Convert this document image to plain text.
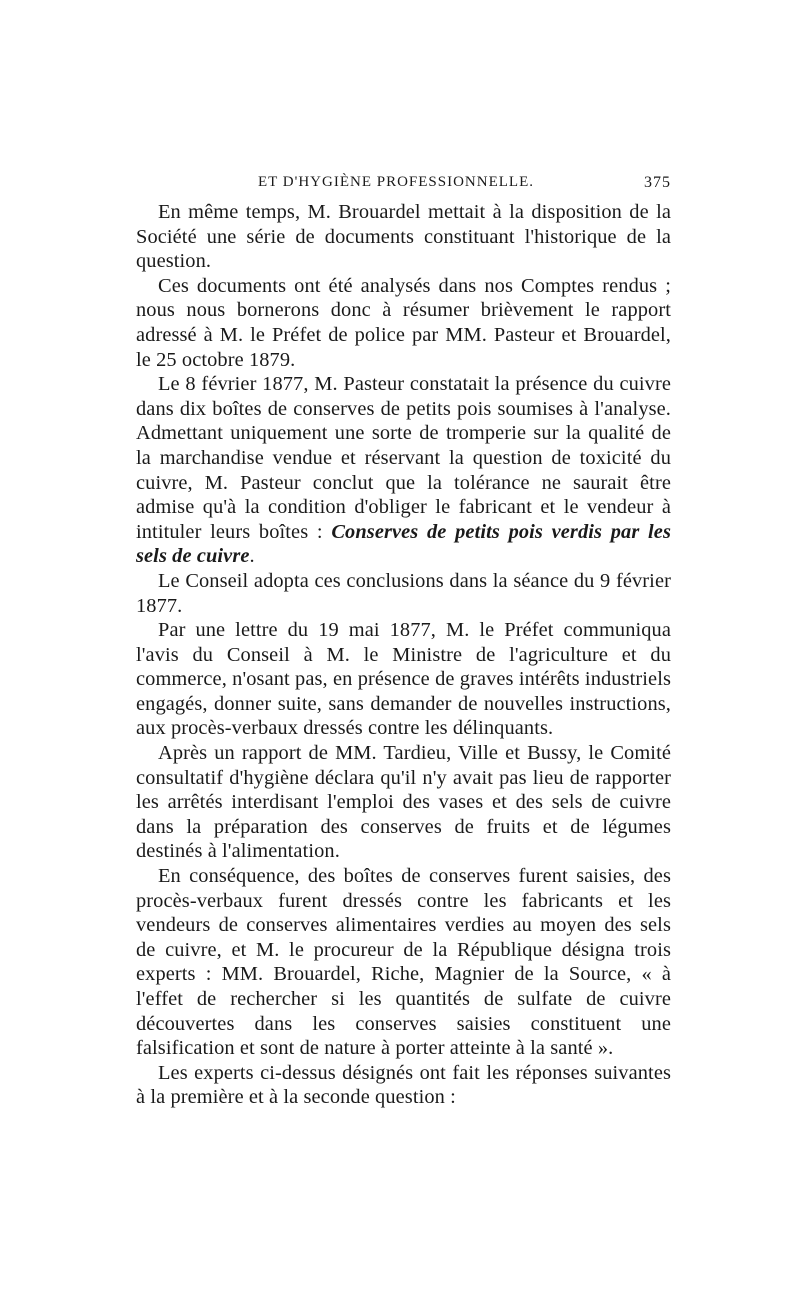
ET D'HYGIÈNE PROFESSIONNELLE.	375

En même temps, M. Brouardel mettait à la disposition de la Société une série de documents constituant l'historique de la question.

Ces documents ont été analysés dans nos Comptes rendus ; nous nous bornerons donc à résumer brièvement le rapport adressé à M. le Préfet de police par MM. Pasteur et Brouardel, le 25 octobre 1879.

Le 8 février 1877, M. Pasteur constatait la présence du cuivre dans dix boîtes de conserves de petits pois soumises à l'analyse. Admettant uniquement une sorte de tromperie sur la qualité de la marchandise vendue et réservant la question de toxicité du cuivre, M. Pasteur conclut que la tolérance ne saurait être admise qu'à la condition d'obliger le fabricant et le vendeur à intituler leurs boîtes : Conserves de petits pois verdis par les sels de cuivre.

Le Conseil adopta ces conclusions dans la séance du 9 février 1877.

Par une lettre du 19 mai 1877, M. le Préfet communiqua l'avis du Conseil à M. le Ministre de l'agriculture et du commerce, n'osant pas, en présence de graves intérêts industriels engagés, donner suite, sans demander de nouvelles instructions, aux procès-verbaux dressés contre les délinquants.

Après un rapport de MM. Tardieu, Ville et Bussy, le Comité consultatif d'hygiène déclara qu'il n'y avait pas lieu de rapporter les arrêtés interdisant l'emploi des vases et des sels de cuivre dans la préparation des conserves de fruits et de légumes destinés à l'alimentation.

En conséquence, des boîtes de conserves furent saisies, des procès-verbaux furent dressés contre les fabricants et les vendeurs de conserves alimentaires verdies au moyen des sels de cuivre, et M. le procureur de la République désigna trois experts : MM. Brouardel, Riche, Magnier de la Source, « à l'effet de rechercher si les quantités de sulfate de cuivre découvertes dans les conserves saisies constituent une falsification et sont de nature à porter atteinte à la santé ».

Les experts ci-dessus désignés ont fait les réponses suivantes à la première et à la seconde question :
